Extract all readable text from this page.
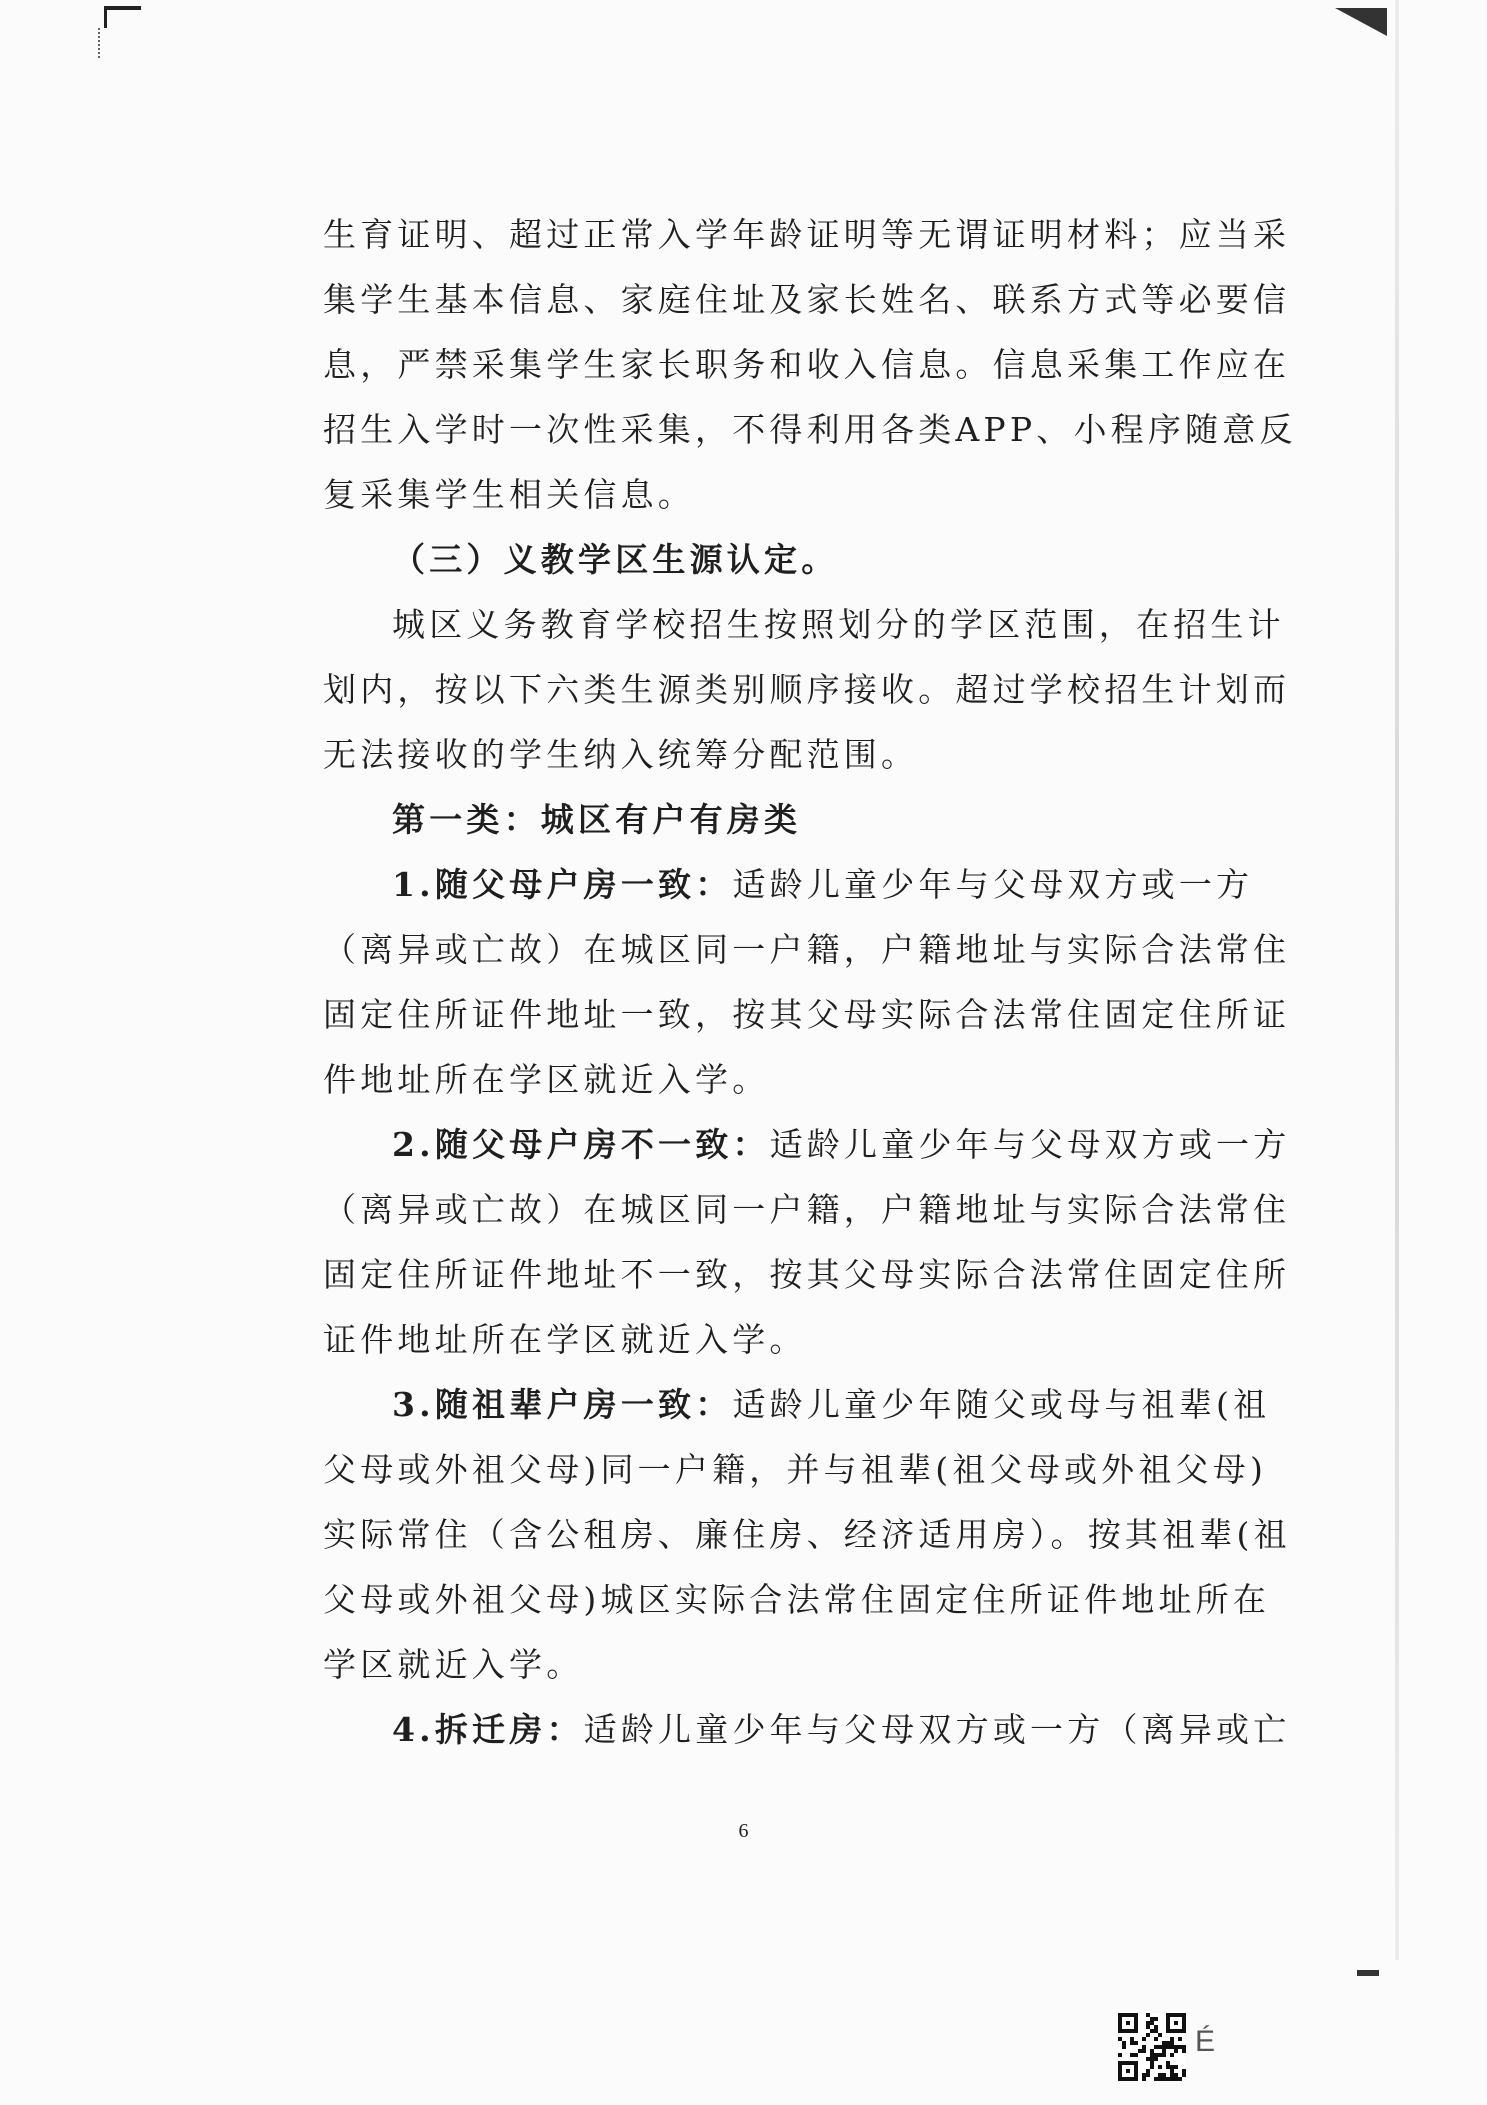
生育证明、超过正常入学年龄证明等无谓证明材料；应当采
集学生基本信息、家庭住址及家长姓名、联系方式等必要信
息，严禁采集学生家长职务和收入信息。信息采集工作应在
招生入学时一次性采集，不得利用各类APP、小程序随意反
复采集学生相关信息。
（三）义教学区生源认定。
城区义务教育学校招生按照划分的学区范围，在招生计
划内，按以下六类生源类别顺序接收。超过学校招生计划而
无法接收的学生纳入统筹分配范围。
第一类：城区有户有房类
1.随父母户房一致：适龄儿童少年与父母双方或一方
（离异或亡故）在城区同一户籍，户籍地址与实际合法常住
固定住所证件地址一致，按其父母实际合法常住固定住所证
件地址所在学区就近入学。
2.随父母户房不一致：适龄儿童少年与父母双方或一方
（离异或亡故）在城区同一户籍，户籍地址与实际合法常住
固定住所证件地址不一致，按其父母实际合法常住固定住所
证件地址所在学区就近入学。
3.随祖辈户房一致：适龄儿童少年随父或母与祖辈(祖
父母或外祖父母)同一户籍，并与祖辈(祖父母或外祖父母)
实际常住（含公租房、廉住房、经济适用房）。按其祖辈(祖
父母或外祖父母)城区实际合法常住固定住所证件地址所在
学区就近入学。
4.拆迁房：适龄儿童少年与父母双方或一方（离异或亡
6
É
